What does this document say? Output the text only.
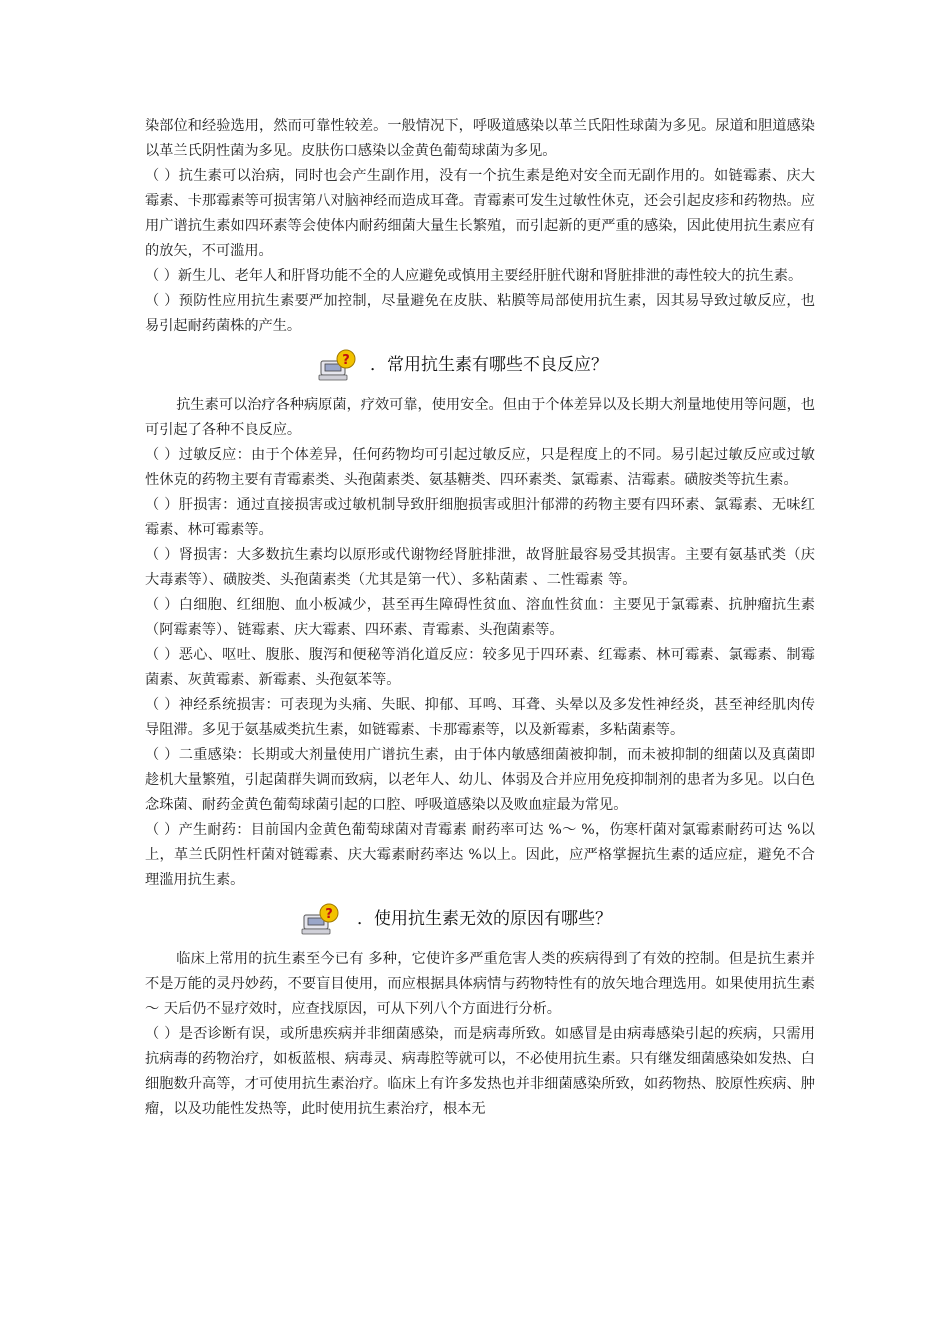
染部位和经验选用，然而可靠性较差。一般情况下，呼吸道感染以革兰氏阳性球菌为多见。尿道和胆道感染以革兰氏阴性菌为多见。皮肤伤口感染以金黄色葡萄球菌为多见。

（ ）抗生素可以治病，同时也会产生副作用，没有一个抗生素是绝对安全而无副作用的。如链霉素、庆大霉素、卡那霉素等可损害第八对脑神经而造成耳聋。青霉素可发生过敏性休克，还会引起皮疹和药物热。应用广谱抗生素如四环素等会使体内耐药细菌大量生长繁殖，而引起新的更严重的感染，因此使用抗生素应有的放矢，不可滥用。

（ ）新生儿、老年人和肝肾功能不全的人应避免或慎用主要经肝脏代谢和肾脏排泄的毒性较大的抗生素。

（ ）预防性应用抗生素要严加控制，尽量避免在皮肤、粘膜等局部使用抗生素，因其易导致过敏反应，也易引起耐药菌株的产生。

? ．常用抗生素有哪些不良反应？

抗生素可以治疗各种病原菌，疗效可靠，使用安全。但由于个体差异以及长期大剂量地使用等问题，也可引起了各种不良反应。

（ ）过敏反应：由于个体差异，任何药物均可引起过敏反应，只是程度上的不同。易引起过敏反应或过敏性休克的药物主要有青霉素类、头孢菌素类、氨基糖类、四环素类、氯霉素、洁霉素。磺胺类等抗生素。

（ ）肝损害：通过直接损害或过敏机制导致肝细胞损害或胆汁郁滞的药物主要有四环素、氯霉素、无味红霉素、林可霉素等。

（ ）肾损害：大多数抗生素均以原形或代谢物经肾脏排泄，故肾脏最容易受其损害。主要有氨基甙类（庆大毒素等）、磺胺类、头孢菌素类（尤其是第一代）、多粘菌素 、二性霉素 等。

（ ）白细胞、红细胞、血小板减少，甚至再生障碍性贫血、溶血性贫血：主要见于氯霉素、抗肿瘤抗生素（阿霉素等）、链霉素、庆大霉素、四环素、青霉素、头孢菌素等。

（ ）恶心、呕吐、腹胀、腹泻和便秘等消化道反应：较多见于四环素、红霉素、林可霉素、氯霉素、制霉菌素、灰黄霉素、新霉素、头孢氨苯等。

（ ）神经系统损害：可表现为头痛、失眠、抑郁、耳鸣、耳聋、头晕以及多发性神经炎，甚至神经肌肉传导阻滞。多见于氨基威类抗生素，如链霉素、卡那霉素等，以及新霉素，多粘菌素等。

（ ）二重感染：长期或大剂量使用广谱抗生素，由于体内敏感细菌被抑制，而未被抑制的细菌以及真菌即趁机大量繁殖，引起菌群失调而致病，以老年人、幼儿、体弱及合并应用免疫抑制剂的患者为多见。以白色念珠菌、耐药金黄色葡萄球菌引起的口腔、呼吸道感染以及败血症最为常见。

（ ）产生耐药：目前国内金黄色葡萄球菌对青霉素 耐药率可达 %～ %，伤寒杆菌对氯霉素耐药可达 %以上，革兰氏阴性杆菌对链霉素、庆大霉素耐药率达 %以上。因此，应严格掌握抗生素的适应症，避免不合理滥用抗生素。

? ．使用抗生素无效的原因有哪些？

临床上常用的抗生素至今已有 多种，它使许多严重危害人类的疾病得到了有效的控制。但是抗生素并不是万能的灵丹妙药，不要盲目使用，而应根据具体病情与药物特性有的放矢地合理选用。如果使用抗生素 ～ 天后仍不显疗效时，应查找原因，可从下列八个方面进行分析。

（ ）是否诊断有误，或所患疾病并非细菌感染，而是病毒所致。如感冒是由病毒感染引起的疾病，只需用抗病毒的药物治疗，如板蓝根、病毒灵、病毒腔等就可以，不必使用抗生素。只有继发细菌感染如发热、白细胞数升高等，才可使用抗生素治疗。临床上有许多发热也并非细菌感染所致，如药物热、胶原性疾病、肿瘤，以及功能性发热等，此时使用抗生素治疗，根本无
